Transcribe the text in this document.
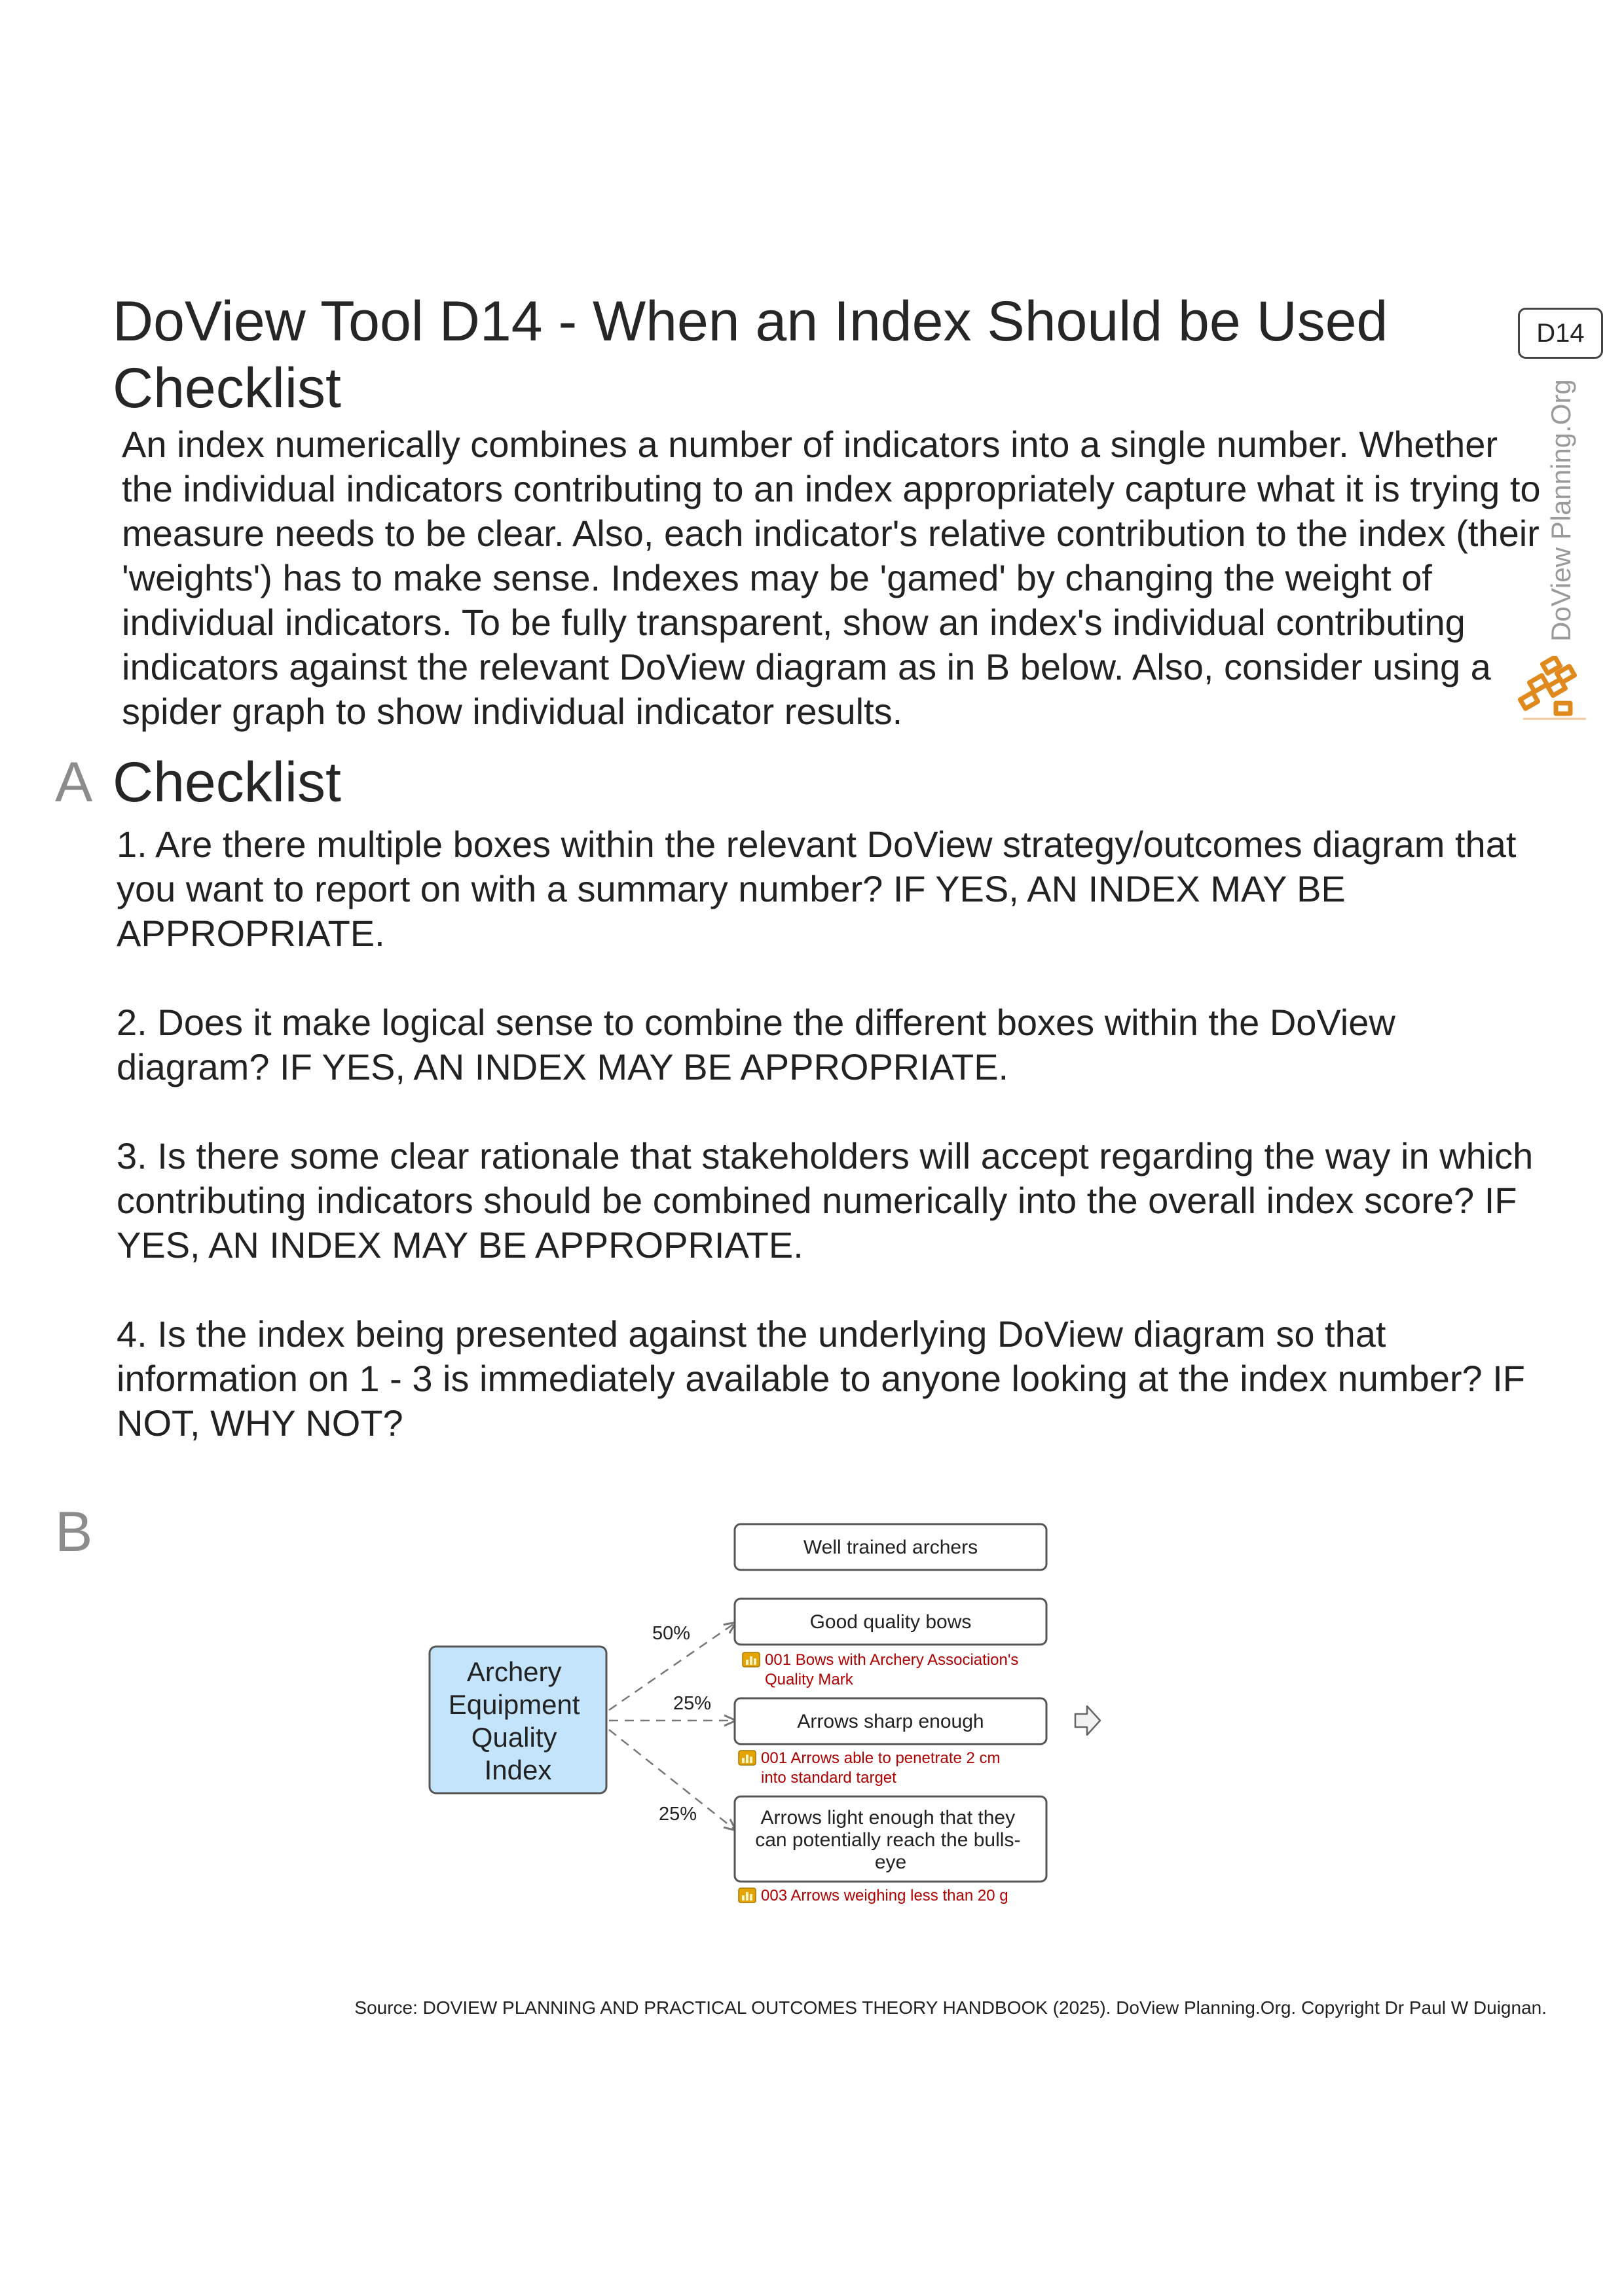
DoView Tool D14 - When an Index Should be Used Checklist
D14
DoView Planning.Org
An index numerically combines a number of indicators into a single number. Whether the individual indicators contributing to an index appropriately capture what it is trying to measure needs to be clear. Also, each indicator's relative contribution to the index (their 'weights') has to make sense. Indexes may be 'gamed' by changing the weight of individual indicators. To be fully transparent, show an index's individual contributing indicators against the relevant DoView diagram as in B below. Also, consider using a spider graph to show individual indicator results.
A Checklist
1. Are there multiple boxes within the relevant DoView strategy/outcomes diagram that you want to report on with a summary number? IF YES, AN INDEX MAY BE APPROPRIATE.
2. Does it make logical sense to combine the different boxes within the DoView diagram? IF YES, AN INDEX MAY BE APPROPRIATE.
3. Is there some clear rationale that stakeholders will accept regarding the way in which contributing indicators should be combined numerically into the overall index score? IF YES, AN INDEX MAY BE APPROPRIATE.
4. Is the index being presented against the underlying DoView diagram so that information on 1 - 3 is immediately available to anyone looking at the index number? IF NOT, WHY NOT?
B
Archery Equipment Quality Index
50% 25% 25%
Well trained archers
Good quality bows
Arrows sharp enough
Arrows light enough that they can potentially reach the bulls- eye
001 Bows with Archery Association's Quality Mark
001 Arrows able to penetrate 2 cm into standard target
003 Arrows weighing less than 20 g
Source: DOVIEW PLANNING AND PRACTICAL OUTCOMES THEORY HANDBOOK (2025). DoView Planning.Org. Copyright Dr Paul W Duignan.
